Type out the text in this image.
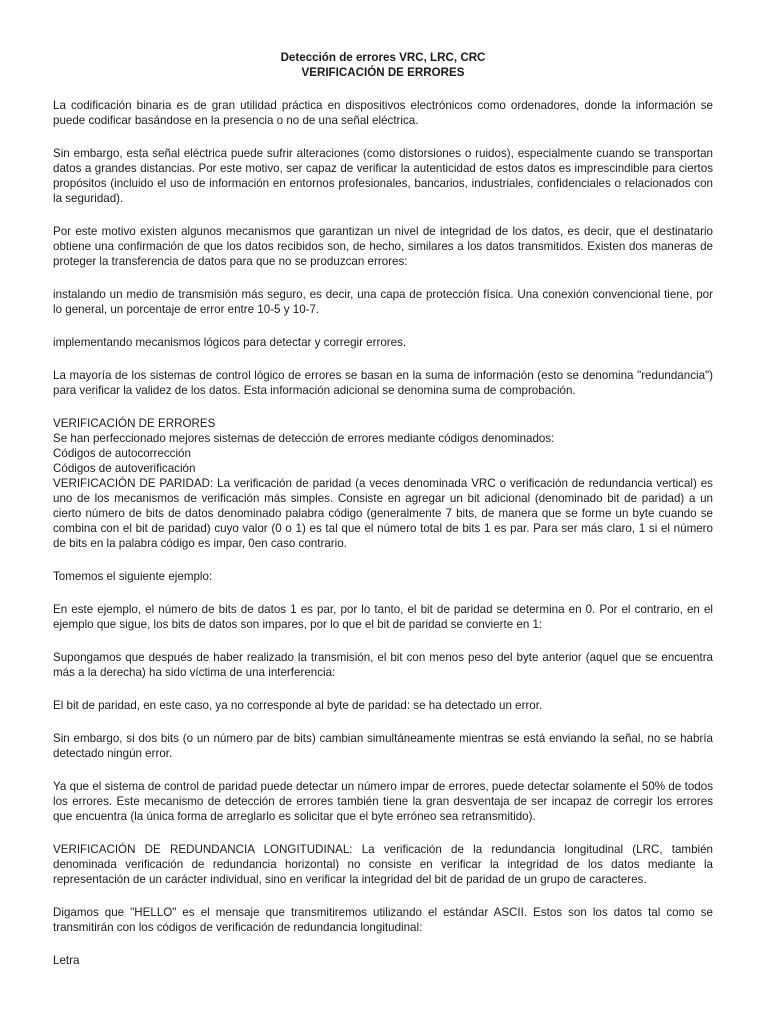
Detección de errores VRC, LRC, CRC

VERIFICACIÓN DE ERRORES

La codificación binaria es de gran utilidad práctica en dispositivos electrónicos como ordenadores, donde la información se puede codificar basándose en la presencia o no de una señal eléctrica.

Sin embargo, esta señal eléctrica puede sufrir alteraciones (como distorsiones o ruidos), especialmente cuando se transportan datos a grandes distancias. Por este motivo, ser capaz de verificar la autenticidad de estos datos es imprescindible para ciertos propósitos (incluido el uso de información en entornos profesionales, bancarios, industriales, confidenciales o relacionados con la seguridad).

Por este motivo existen algunos mecanismos que garantizan un nivel de integridad de los datos, es decir, que el destinatario obtiene una confirmación de que los datos recibidos son, de hecho, similares a los datos transmitidos. Existen dos maneras de proteger la transferencia de datos para que no se produzcan errores:

instalando un medio de transmisión más seguro, es decir, una capa de protección física. Una conexión convencional tiene, por lo general, un porcentaje de error entre 10-5 y 10-7.

implementando mecanismos lógicos para detectar y corregir errores.

La mayoría de los sistemas de control lógico de errores se basan en la suma de información (esto se denomina "redundancia") para verificar la validez de los datos. Esta información adicional se denomina suma de comprobación.

VERIFICACIÓN DE ERRORES

Se han perfeccionado mejores sistemas de detección de errores mediante códigos denominados:

Códigos de autocorrección

Códigos de autoverificación

VERIFICACIÓN DE PARIDAD: La verificación de paridad (a veces denominada VRC o verificación de redundancia vertical) es uno de los mecanismos de verificación más simples. Consiste en agregar un bit adicional (denominado bit de paridad) a un cierto número de bits de datos denominado palabra código (generalmente 7 bits, de manera que se forme un byte cuando se combina con el bit de paridad) cuyo valor (0 o 1) es tal que el número total de bits 1 es par. Para ser más claro, 1 si el número de bits en la palabra código es impar, 0en caso contrario.

Tomemos el siguiente ejemplo:

En este ejemplo, el número de bits de datos 1 es par, por lo tanto, el bit de paridad se determina en 0. Por el contrario, en el ejemplo que sigue, los bits de datos son impares, por lo que el bit de paridad se convierte en 1:

Supongamos que después de haber realizado la transmisión, el bit con menos peso del byte anterior (aquel que se encuentra más a la derecha) ha sido víctima de una interferencia:

El bit de paridad, en este caso, ya no corresponde al byte de paridad: se ha detectado un error.

Sin embargo, si dos bits (o un número par de bits) cambian simultáneamente mientras se está enviando la señal, no se habría detectado ningún error.

Ya que el sistema de control de paridad puede detectar un número impar de errores, puede detectar solamente el 50% de todos los errores. Este mecanismo de detección de errores también tiene la gran desventaja de ser incapaz de corregir los errores que encuentra (la única forma de arreglarlo es solicitar que el byte erróneo sea retransmitido).

VERIFICACIÓN DE REDUNDANCIA LONGITUDINAL: La verificación de la redundancia longitudinal (LRC, también denominada verificación de redundancia horizontal) no consiste en verificar la integridad de los datos mediante la representación de un carácter individual, sino en verificar la integridad del bit de paridad de un grupo de caracteres.

Digamos que "HELLO" es el mensaje que transmitiremos utilizando el estándar ASCII. Estos son los datos tal como se transmitirán con los códigos de verificación de redundancia longitudinal:

Letra
